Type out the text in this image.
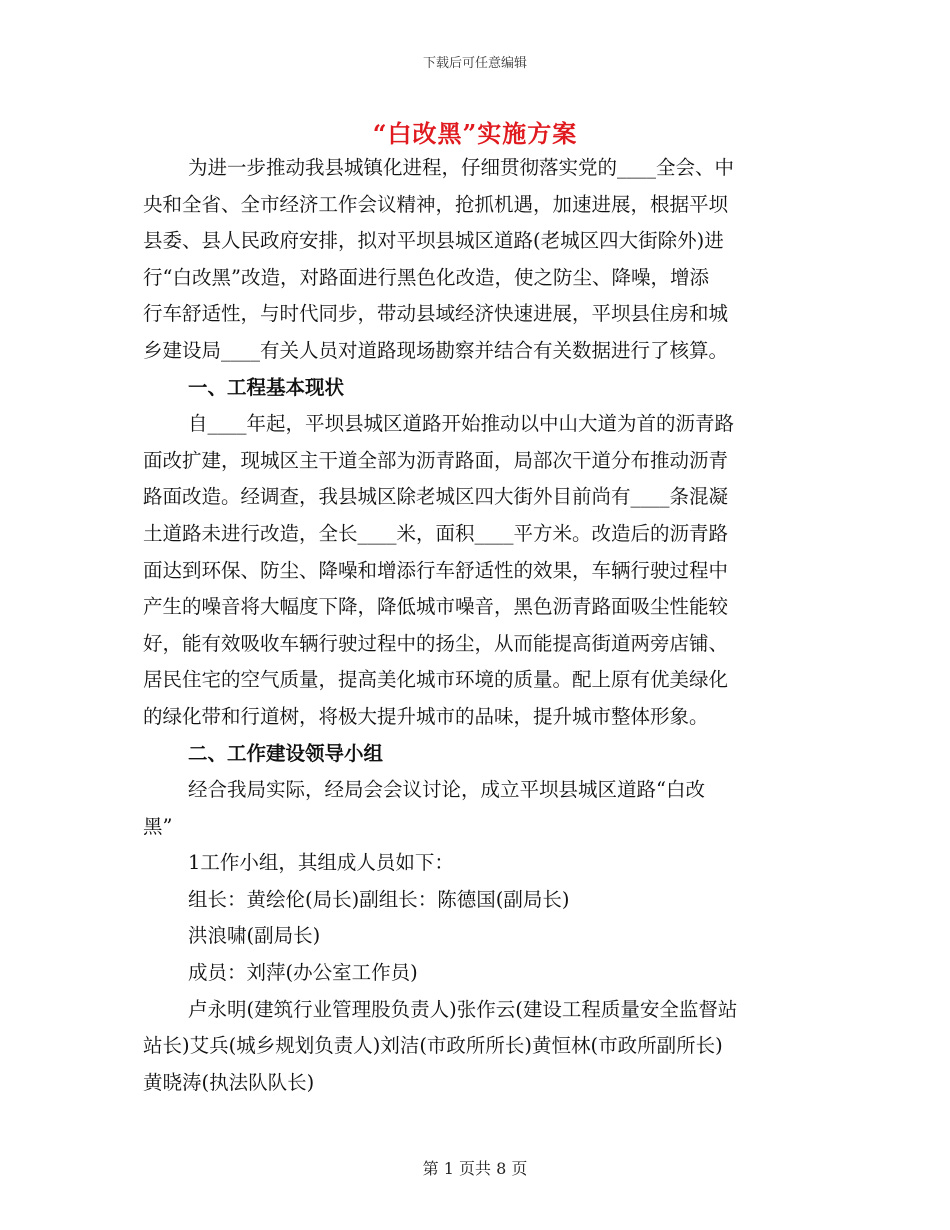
下载后可任意编辑
“白改黑”实施方案
为进一步推动我县城镇化进程，仔细贯彻落实党的____全会、中
央和全省、全市经济工作会议精神，抢抓机遇，加速进展，根据平坝
县委、县人民政府安排，拟对平坝县城区道路(老城区四大街除外)进
行“白改黑”改造，对路面进行黑色化改造，使之防尘、降噪，增添
行车舒适性，与时代同步，带动县域经济快速进展，平坝县住房和城
乡建设局____有关人员对道路现场勘察并结合有关数据进行了核算。
一、工程基本现状
自____年起，平坝县城区道路开始推动以中山大道为首的沥青路
面改扩建，现城区主干道全部为沥青路面，局部次干道分布推动沥青
路面改造。经调查，我县城区除老城区四大街外目前尚有____条混凝
土道路未进行改造，全长____米，面积____平方米。改造后的沥青路
面达到环保、防尘、降噪和增添行车舒适性的效果，车辆行驶过程中
产生的噪音将大幅度下降，降低城市噪音，黑色沥青路面吸尘性能较
好，能有效吸收车辆行驶过程中的扬尘，从而能提高街道两旁店铺、
居民住宅的空气质量，提高美化城市环境的质量。配上原有优美绿化
的绿化带和行道树，将极大提升城市的品味，提升城市整体形象。
二、工作建设领导小组
经合我局实际，经局会会议讨论，成立平坝县城区道路“白改
黑”
1工作小组，其组成人员如下：
组长：黄绘伦(局长)副组长：陈德国(副局长)
洪浪啸(副局长)
成员：刘萍(办公室工作员)
卢永明(建筑行业管理股负责人)张作云(建设工程质量安全监督站
站长)艾兵(城乡规划负责人)刘洁(市政所所长)黄恒林(市政所副所长)
黄晓涛(执法队队长)
第 1 页共 8 页
